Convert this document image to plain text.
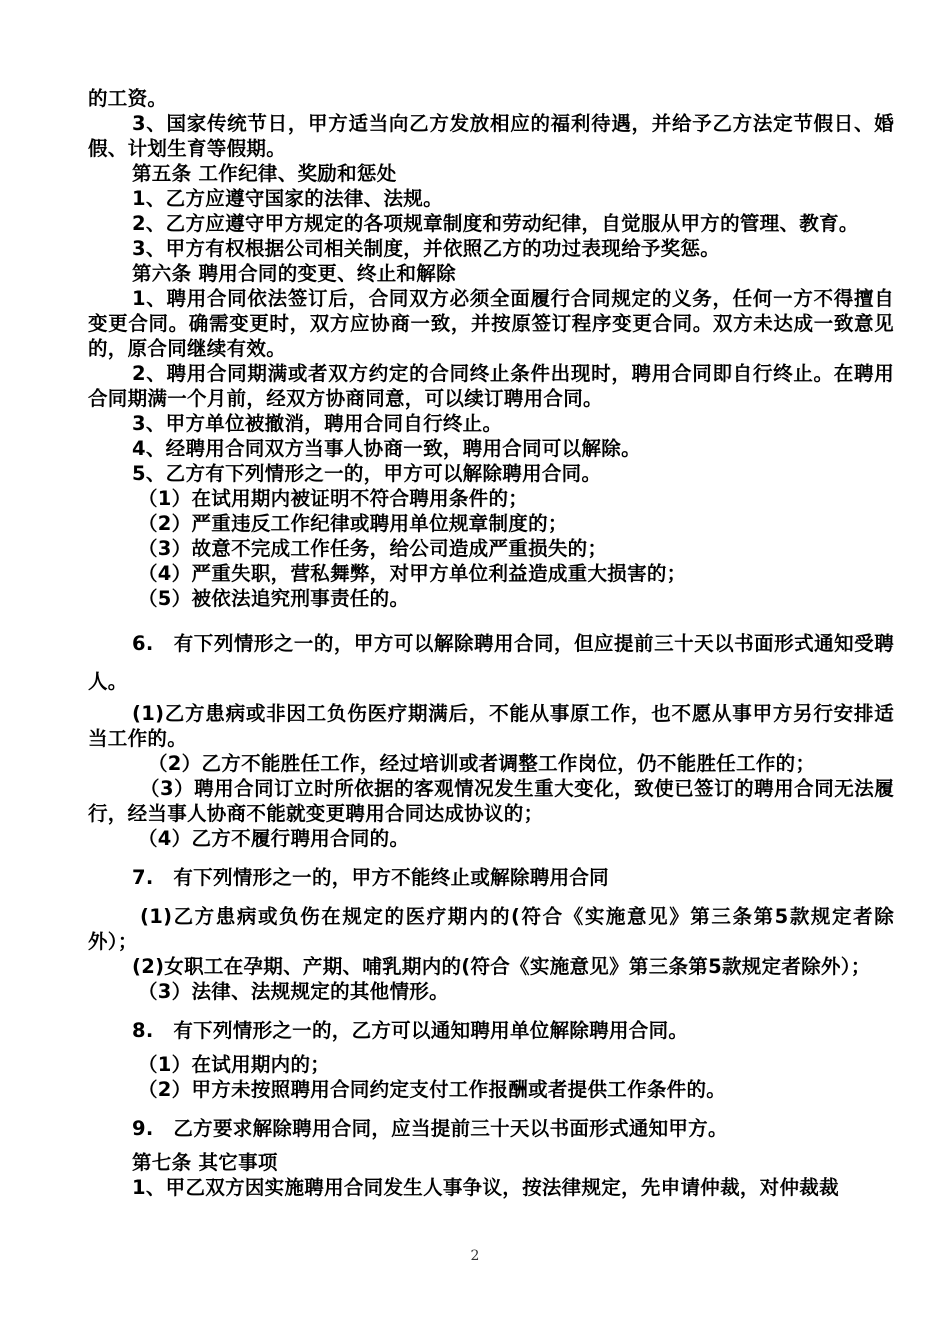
的工资。

3、国家传统节日，甲方适当向乙方发放相应的福利待遇，并给予乙方法定节假日、婚假、计划生育等假期。

第五条 工作纪律、奖励和惩处

1、乙方应遵守国家的法律、法规。

2、乙方应遵守甲方规定的各项规章制度和劳动纪律，自觉服从甲方的管理、教育。

3、甲方有权根据公司相关制度，并依照乙方的功过表现给予奖惩。

第六条 聘用合同的变更、终止和解除

1、聘用合同依法签订后，合同双方必须全面履行合同规定的义务，任何一方不得擅自变更合同。确需变更时，双方应协商一致，并按原签订程序变更合同。双方未达成一致意见的，原合同继续有效。

2、聘用合同期满或者双方约定的合同终止条件出现时，聘用合同即自行终止。在聘用合同期满一个月前，经双方协商同意，可以续订聘用合同。

3、甲方单位被撤消，聘用合同自行终止。

4、经聘用合同双方当事人协商一致，聘用合同可以解除。

5、乙方有下列情形之一的，甲方可以解除聘用合同。

（1）在试用期内被证明不符合聘用条件的；

（2）严重违反工作纪律或聘用单位规章制度的；

（3）故意不完成工作任务，给公司造成严重损失的；

（4）严重失职，营私舞弊，对甲方单位利益造成重大损害的；

（5）被依法追究刑事责任的。

6.　有下列情形之一的，甲方可以解除聘用合同，但应提前三十天以书面形式通知受聘人。

(1)乙方患病或非因工负伤医疗期满后，不能从事原工作，也不愿从事甲方另行安排适当工作的。

（2）乙方不能胜任工作，经过培训或者调整工作岗位，仍不能胜任工作的；

（3）聘用合同订立时所依据的客观情况发生重大变化，致使已签订的聘用合同无法履行，经当事人协商不能就变更聘用合同达成协议的；

（4）乙方不履行聘用合同的。

7.　有下列情形之一的，甲方不能终止或解除聘用合同

(1)乙方患病或负伤在规定的医疗期内的(符合《实施意见》第三条第5款规定者除外）；

(2)女职工在孕期、产期、哺乳期内的(符合《实施意见》第三条第5款规定者除外）；

（3）法律、法规规定的其他情形。

8.　有下列情形之一的，乙方可以通知聘用单位解除聘用合同。

（1）在试用期内的；

（2）甲方未按照聘用合同约定支付工作报酬或者提供工作条件的。

9.　乙方要求解除聘用合同，应当提前三十天以书面形式通知甲方。

第七条 其它事项

1、甲乙双方因实施聘用合同发生人事争议，按法律规定，先申请仲裁，对仲裁裁

2
